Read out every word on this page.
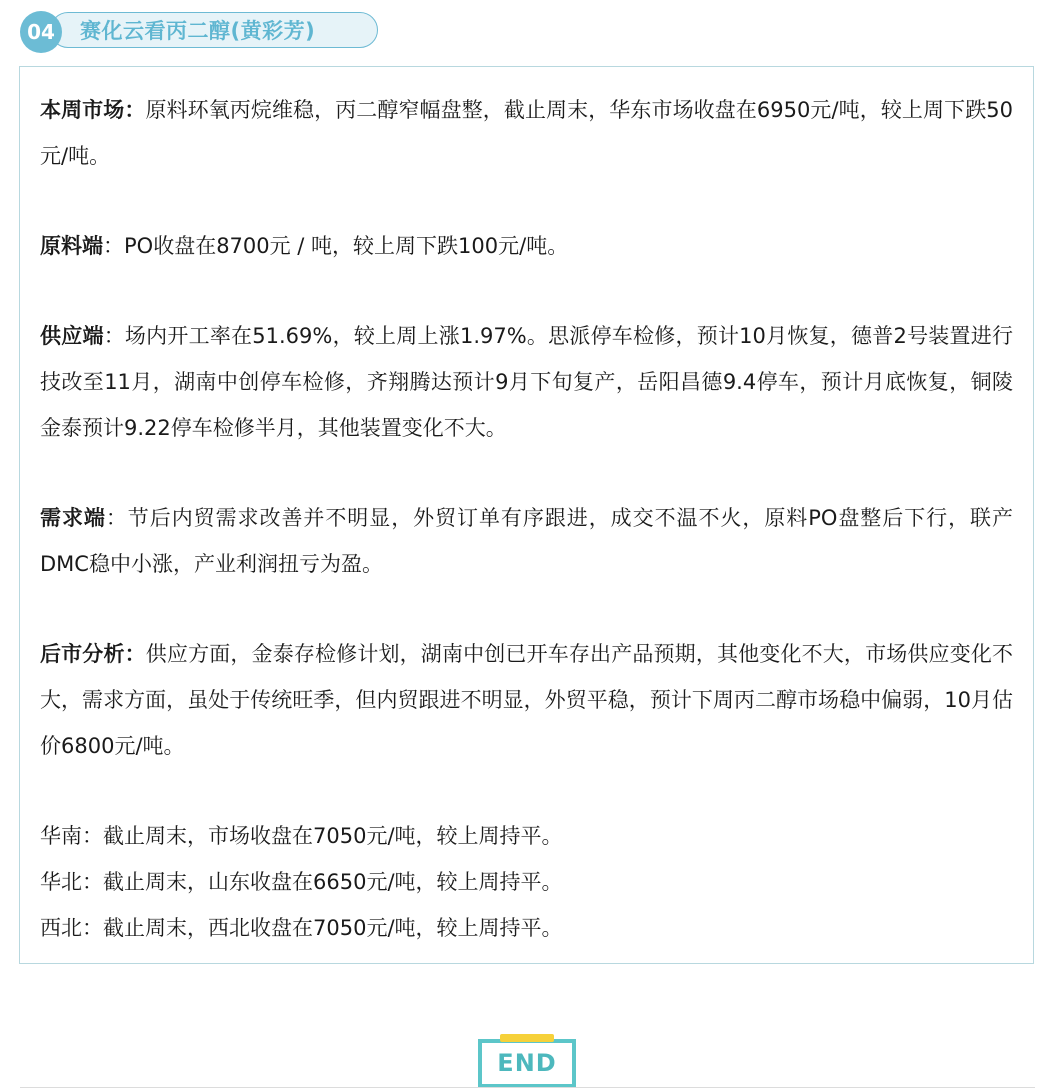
04	赛化云看丙二醇(黄彩芳)

本周市场：原料环氧丙烷维稳，丙二醇窄幅盘整，截止周末，华东市场收盘在6950元/吨，较上周下跌50元/吨。

原料端：PO收盘在8700元 / 吨，较上周下跌100元/吨。

供应端：场内开工率在51.69%，较上周上涨1.97%。思派停车检修，预计10月恢复，德普2号装置进行技改至11月，湖南中创停车检修，齐翔腾达预计9月下旬复产，岳阳昌德9.4停车，预计月底恢复，铜陵金泰预计9.22停车检修半月，其他装置变化不大。

需求端：节后内贸需求改善并不明显，外贸订单有序跟进，成交不温不火，原料PO盘整后下行，联产DMC稳中小涨，产业利润扭亏为盈。

后市分析：供应方面，金泰存检修计划，湖南中创已开车存出产品预期，其他变化不大，市场供应变化不大，需求方面，虽处于传统旺季，但内贸跟进不明显，外贸平稳，预计下周丙二醇市场稳中偏弱，10月估价6800元/吨。

华南：截止周末，市场收盘在7050元/吨，较上周持平。

华北：截止周末，山东收盘在6650元/吨，较上周持平。

西北：截止周末，西北收盘在7050元/吨，较上周持平。

END
